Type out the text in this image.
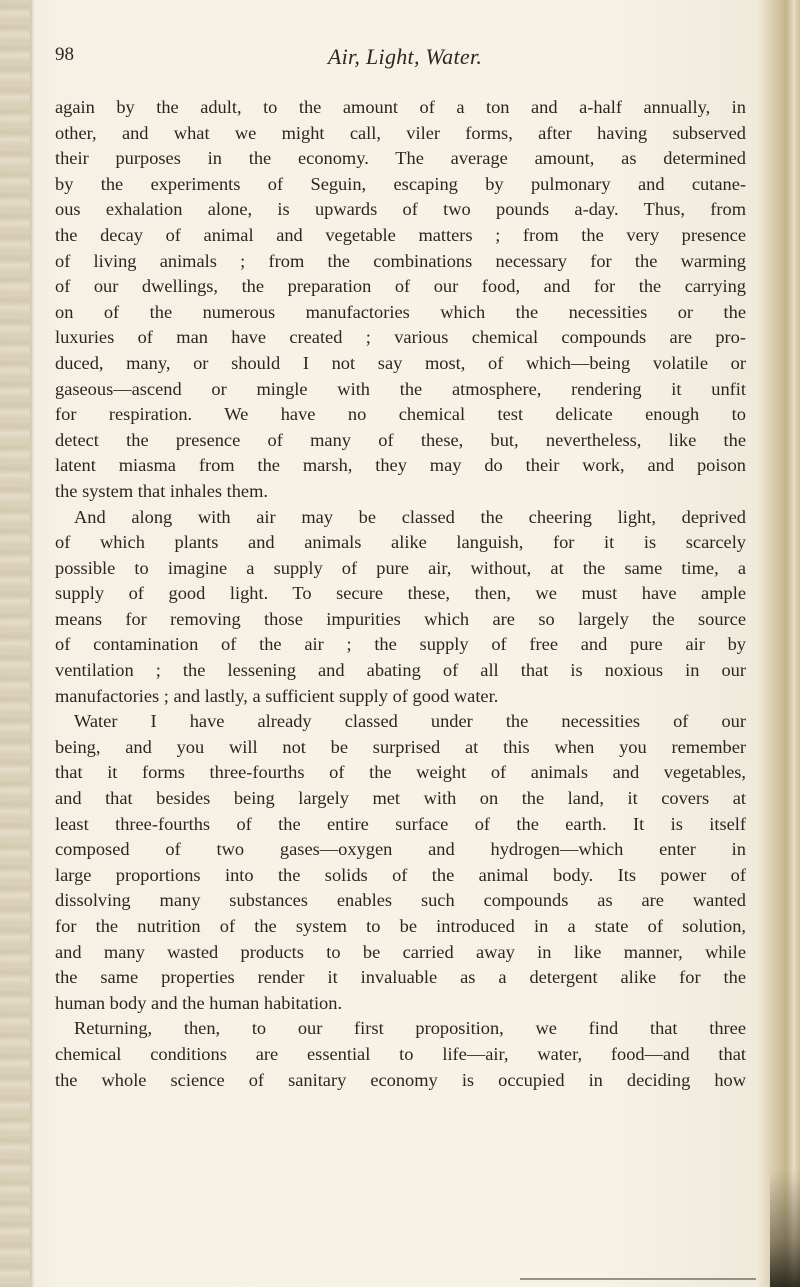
98	Air, Light, Water.
again by the adult, to the amount of a ton and a-half annually, in
other, and what we might call, viler forms, after having subserved
their purposes in the economy. The average amount, as determined
by the experiments of Seguin, escaping by pulmonary and cutane-
ous exhalation alone, is upwards of two pounds a-day. Thus, from
the decay of animal and vegetable matters ; from the very presence
of living animals ; from the combinations necessary for the warming
of our dwellings, the preparation of our food, and for the carrying
on of the numerous manufactories which the necessities or the
luxuries of man have created ; various chemical compounds are pro-
duced, many, or should I not say most, of which—being volatile or
gaseous—ascend or mingle with the atmosphere, rendering it unfit
for respiration. We have no chemical test delicate enough to
detect the presence of many of these, but, nevertheless, like the
latent miasma from the marsh, they may do their work, and poison
the system that inhales them.
And along with air may be classed the cheering light, deprived
of which plants and animals alike languish, for it is scarcely
possible to imagine a supply of pure air, without, at the same time, a
supply of good light. To secure these, then, we must have ample
means for removing those impurities which are so largely the source
of contamination of the air ; the supply of free and pure air by
ventilation ; the lessening and abating of all that is noxious in our
manufactories ; and lastly, a sufficient supply of good water.
Water I have already classed under the necessities of our
being, and you will not be surprised at this when you remember
that it forms three-fourths of the weight of animals and vegetables,
and that besides being largely met with on the land, it covers at
least three-fourths of the entire surface of the earth. It is itself
composed of two gases—oxygen and hydrogen—which enter in
large proportions into the solids of the animal body. Its power of
dissolving many substances enables such compounds as are wanted
for the nutrition of the system to be introduced in a state of solution,
and many wasted products to be carried away in like manner, while
the same properties render it invaluable as a detergent alike for the
human body and the human habitation.
Returning, then, to our first proposition, we find that three
chemical conditions are essential to life—air, water, food—and that
the whole science of sanitary economy is occupied in deciding how
